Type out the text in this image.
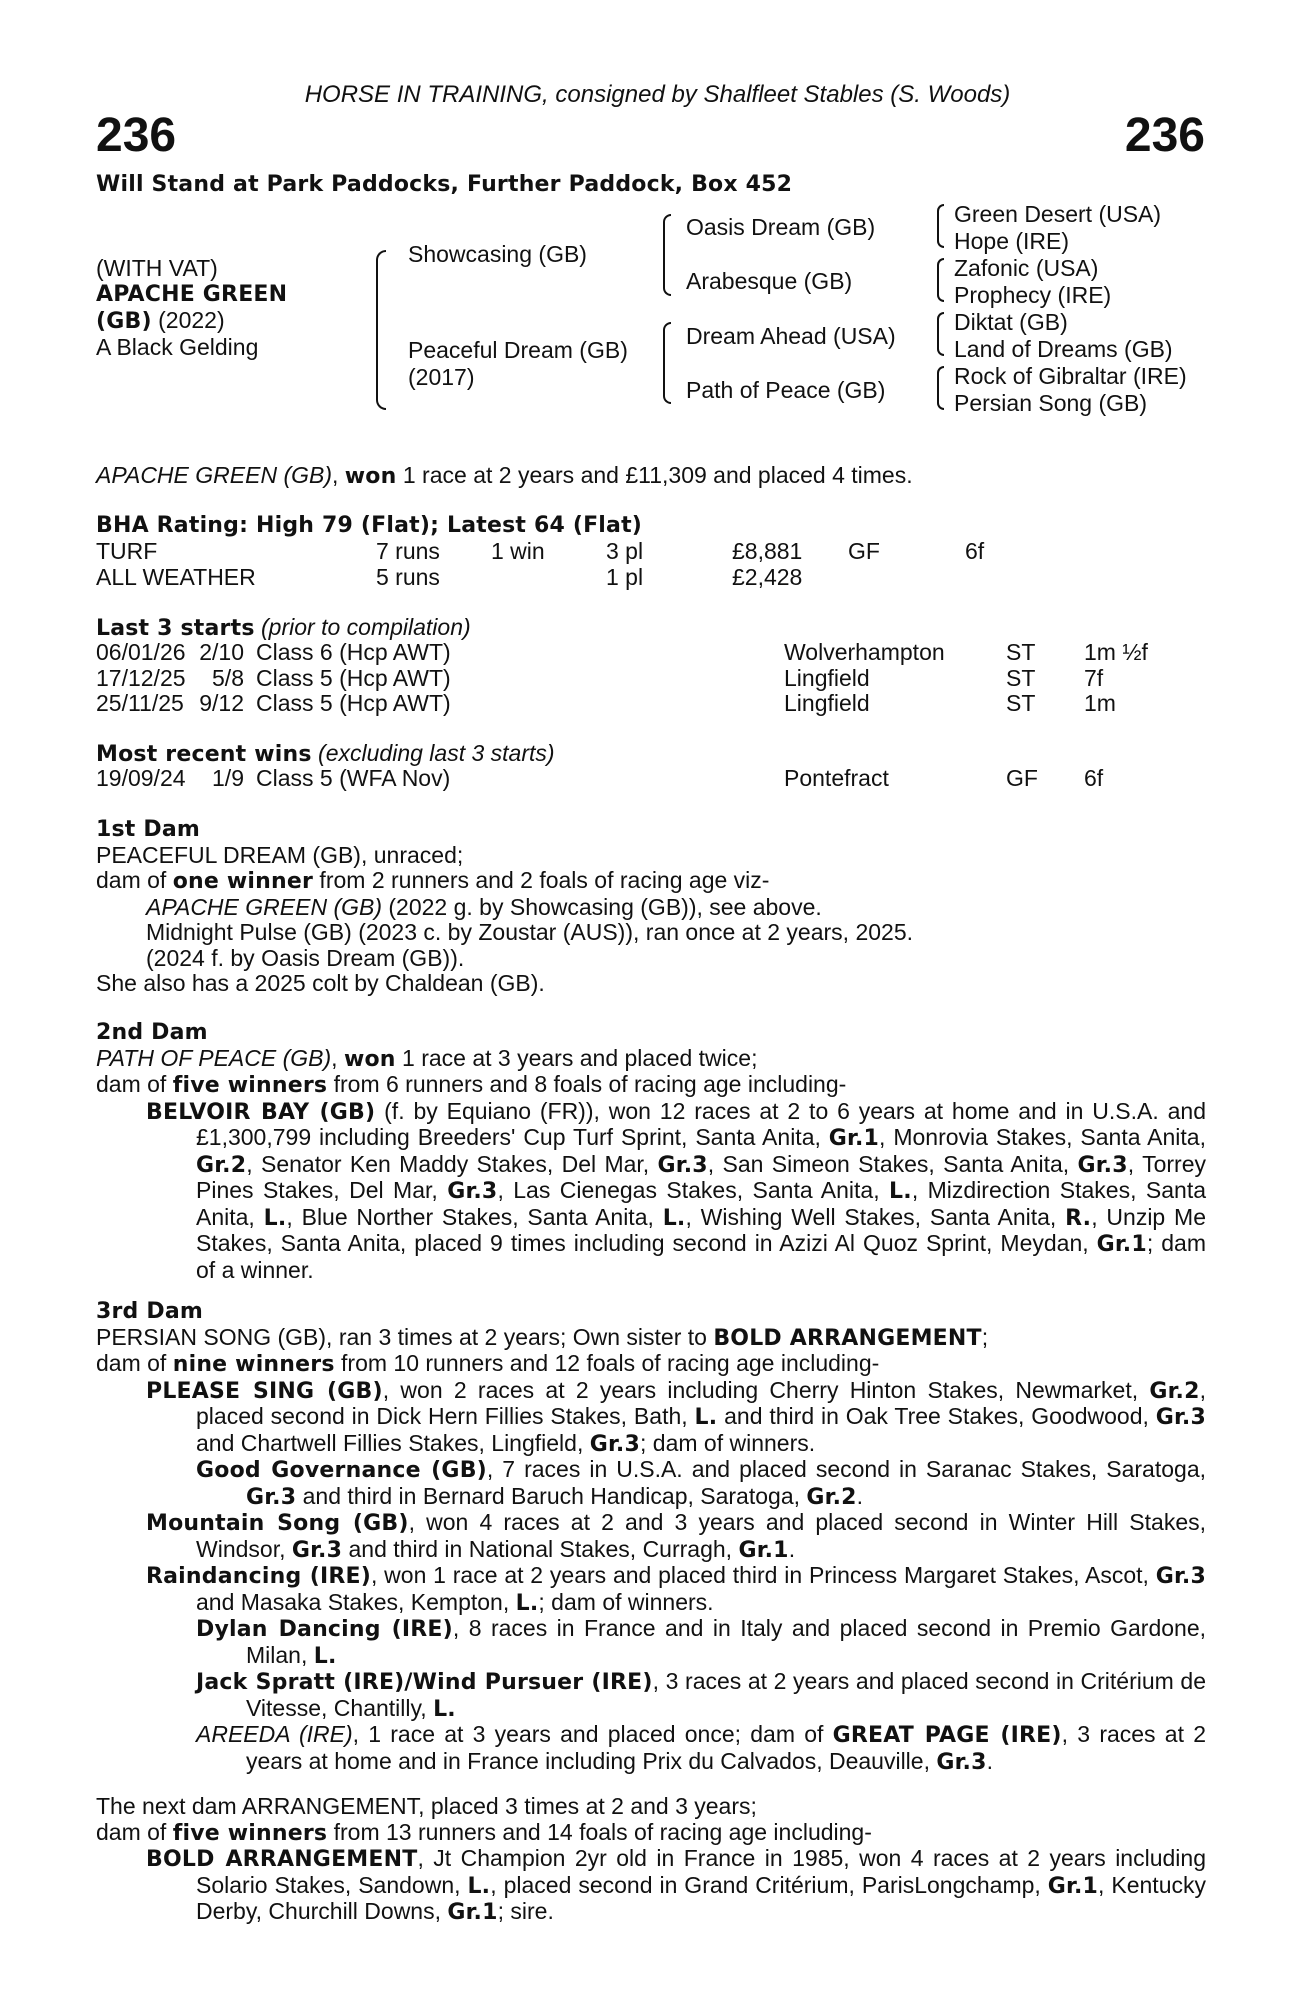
HORSE IN TRAINING, consigned by Shalfleet Stables (S. Woods)
236	236
Will Stand at Park Paddocks, Further Paddock, Box 452
(WITH VAT)
APACHE GREEN
(GB) (2022)
A Black Gelding
Showcasing (GB)
Peaceful Dream (GB)
(2017)
Oasis Dream (GB)
Arabesque (GB)
Dream Ahead (USA)
Path of Peace (GB)
Green Desert (USA)
Hope (IRE)
Zafonic (USA)
Prophecy (IRE)
Diktat (GB)
Land of Dreams (GB)
Rock of Gibraltar (IRE)
Persian Song (GB)
APACHE GREEN (GB), won 1 race at 2 years and £11,309 and placed 4 times.
BHA Rating: High 79 (Flat); Latest 64 (Flat)
TURF	7 runs	1 win	3 pl	£8,881	GF	6f
ALL WEATHER	5 runs		1 pl	£2,428		
Last 3 starts (prior to compilation)
06/01/26	2/10	Class 6 (Hcp AWT)	Wolverhampton	ST	1m ½f
17/12/25	5/8	Class 5 (Hcp AWT)	Lingfield	ST	7f
25/11/25	9/12	Class 5 (Hcp AWT)	Lingfield	ST	1m
Most recent wins (excluding last 3 starts)
19/09/24	1/9	Class 5 (WFA Nov)	Pontefract	GF	6f
1st Dam
PEACEFUL DREAM (GB), unraced;
dam of one winner from 2 runners and 2 foals of racing age viz-
APACHE GREEN (GB) (2022 g. by Showcasing (GB)), see above.
Midnight Pulse (GB) (2023 c. by Zoustar (AUS)), ran once at 2 years, 2025.
(2024 f. by Oasis Dream (GB)).
She also has a 2025 colt by Chaldean (GB).
2nd Dam
PATH OF PEACE (GB), won 1 race at 3 years and placed twice;
dam of five winners from 6 runners and 8 foals of racing age including-
BELVOIR BAY (GB) (f. by Equiano (FR)), won 12 races at 2 to 6 years at home and in U.S.A. and £1,300,799 including Breeders' Cup Turf Sprint, Santa Anita, Gr.1, Monrovia Stakes, Santa Anita, Gr.2, Senator Ken Maddy Stakes, Del Mar, Gr.3, San Simeon Stakes, Santa Anita, Gr.3, Torrey Pines Stakes, Del Mar, Gr.3, Las Cienegas Stakes, Santa Anita, L., Mizdirection Stakes, Santa Anita, L., Blue Norther Stakes, Santa Anita, L., Wishing Well Stakes, Santa Anita, R., Unzip Me Stakes, Santa Anita, placed 9 times including second in Azizi Al Quoz Sprint, Meydan, Gr.1; dam of a winner.
3rd Dam
PERSIAN SONG (GB), ran 3 times at 2 years; Own sister to BOLD ARRANGEMENT;
dam of nine winners from 10 runners and 12 foals of racing age including-
PLEASE SING (GB), won 2 races at 2 years including Cherry Hinton Stakes, Newmarket, Gr.2, placed second in Dick Hern Fillies Stakes, Bath, L. and third in Oak Tree Stakes, Goodwood, Gr.3 and Chartwell Fillies Stakes, Lingfield, Gr.3; dam of winners.
Good Governance (GB), 7 races in U.S.A. and placed second in Saranac Stakes, Saratoga, Gr.3 and third in Bernard Baruch Handicap, Saratoga, Gr.2.
Mountain Song (GB), won 4 races at 2 and 3 years and placed second in Winter Hill Stakes, Windsor, Gr.3 and third in National Stakes, Curragh, Gr.1.
Raindancing (IRE), won 1 race at 2 years and placed third in Princess Margaret Stakes, Ascot, Gr.3 and Masaka Stakes, Kempton, L.; dam of winners.
Dylan Dancing (IRE), 8 races in France and in Italy and placed second in Premio Gardone, Milan, L.
Jack Spratt (IRE)/Wind Pursuer (IRE), 3 races at 2 years and placed second in Critérium de Vitesse, Chantilly, L.
AREEDA (IRE), 1 race at 3 years and placed once; dam of GREAT PAGE (IRE), 3 races at 2 years at home and in France including Prix du Calvados, Deauville, Gr.3.
The next dam ARRANGEMENT, placed 3 times at 2 and 3 years;
dam of five winners from 13 runners and 14 foals of racing age including-
BOLD ARRANGEMENT, Jt Champion 2yr old in France in 1985, won 4 races at 2 years including Solario Stakes, Sandown, L., placed second in Grand Critérium, ParisLongchamp, Gr.1, Kentucky Derby, Churchill Downs, Gr.1; sire.
